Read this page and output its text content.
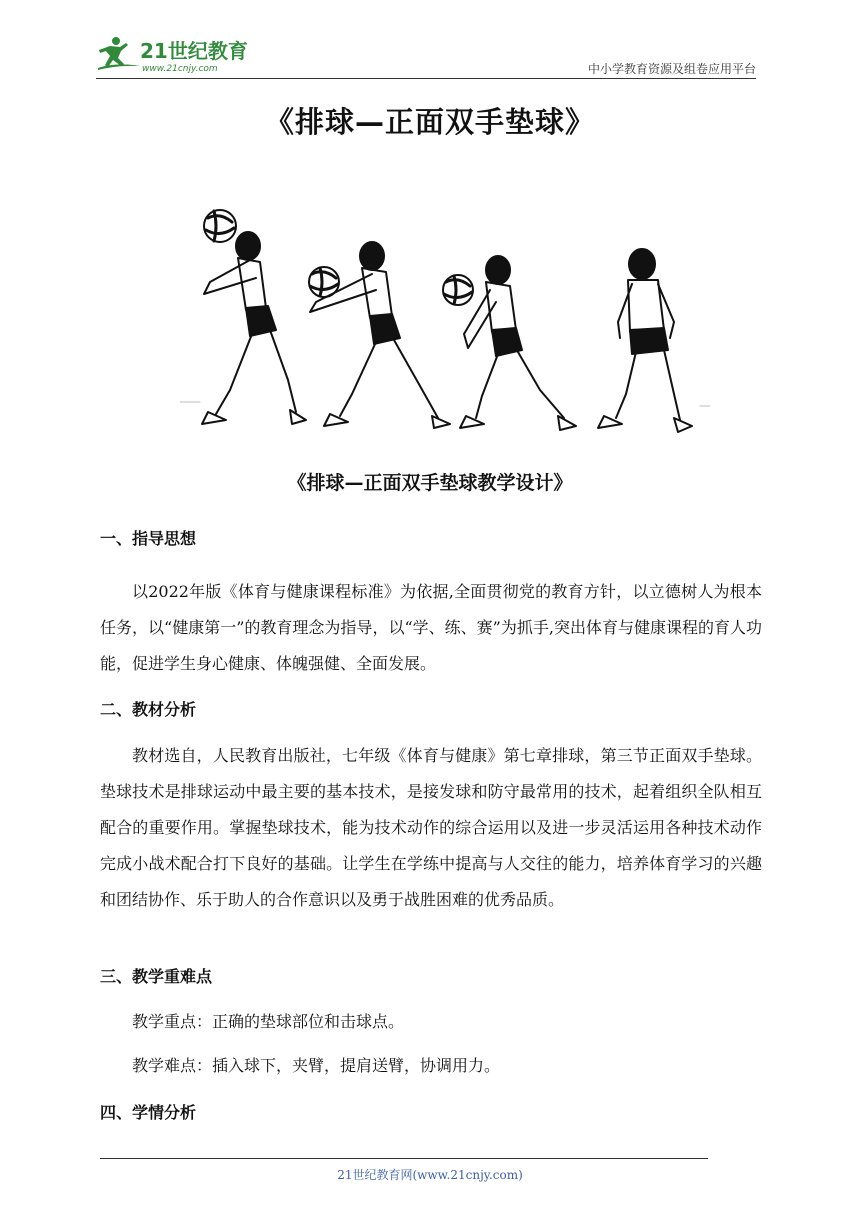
21世纪教育
www.21cnjy.com	中小学教育资源及组卷应用平台
《排球—正面双手垫球》
《排球—正面双手垫球教学设计》
一、指导思想

以2022年版《体育与健康课程标准》为依据,全面贯彻党的教育方针，以立德树人为根本任务，以“健康第一”的教育理念为指导，以“学、练、赛”为抓手,突出体育与健康课程的育人功能，促进学生身心健康、体魄强健、全面发展。

二、教材分析

教材选自，人民教育出版社，七年级《体育与健康》第七章排球，第三节正面双手垫球。垫球技术是排球运动中最主要的基本技术，是接发球和防守最常用的技术，起着组织全队相互配合的重要作用。掌握垫球技术，能为技术动作的综合运用以及进一步灵活运用各种技术动作完成小战术配合打下良好的基础。让学生在学练中提高与人交往的能力，培养体育学习的兴趣和团结协作、乐于助人的合作意识以及勇于战胜困难的优秀品质。

三、教学重难点

教学重点：正确的垫球部位和击球点。

教学难点：插入球下，夹臂，提肩送臂，协调用力。

四、学情分析
21世纪教育网(www.21cnjy.com)
